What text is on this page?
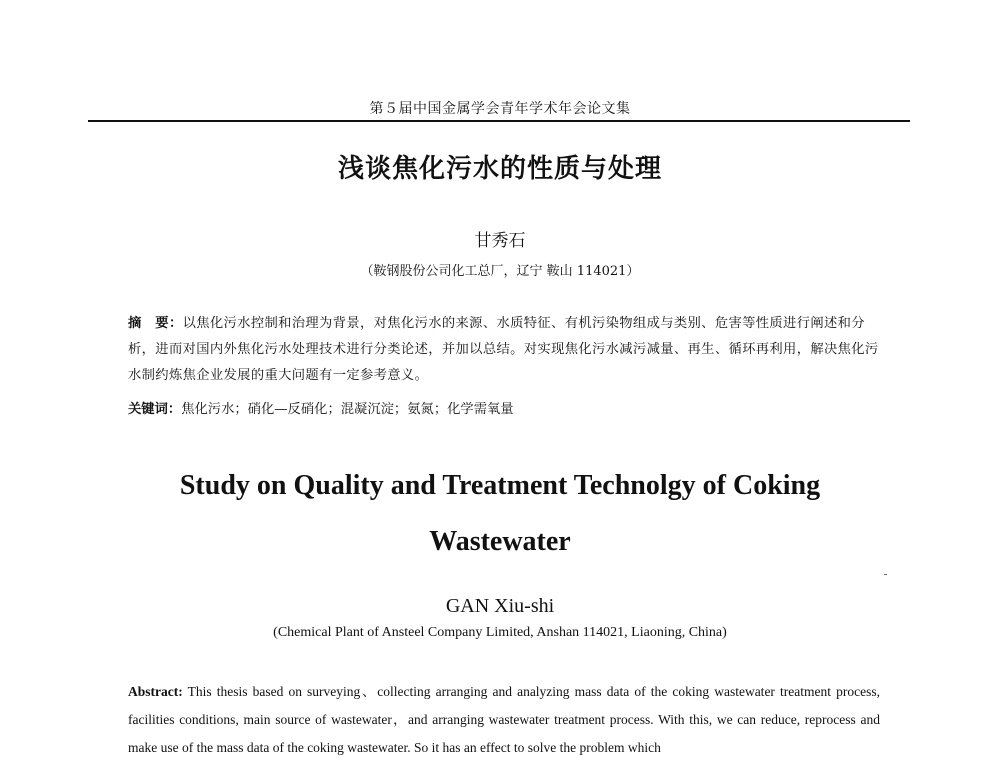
第５届中国金属学会青年学术年会论文集
浅谈焦化污水的性质与处理
甘秀石
（鞍钢股份公司化工总厂，辽宁 鞍山 114021）

摘　要：以焦化污水控制和治理为背景，对焦化污水的来源、水质特征、有机污染物组成与类别、危害等性质进行阐述和分析，进而对国内外焦化污水处理技术进行分类论述，并加以总结。对实现焦化污水减污减量、再生、循环再利用，解决焦化污水制约炼焦企业发展的重大问题有一定参考意义。

关键词：焦化污水；硝化—反硝化；混凝沉淀；氨氮；化学需氧量
Study on Quality and Treatment Technolgy of Coking
Wastewater
GAN Xiu-shi
(Chemical Plant of Ansteel Company Limited, Anshan 114021, Liaoning, China)

Abstract: This thesis based on surveying、collecting arranging and analyzing mass data of the coking wastewater treatment process, facilities conditions, main source of wastewater，and arranging wastewater treatment process. With this, we can reduce, reprocess and make use of the mass data of the coking wastewater. So it has an effect to solve the problem which
